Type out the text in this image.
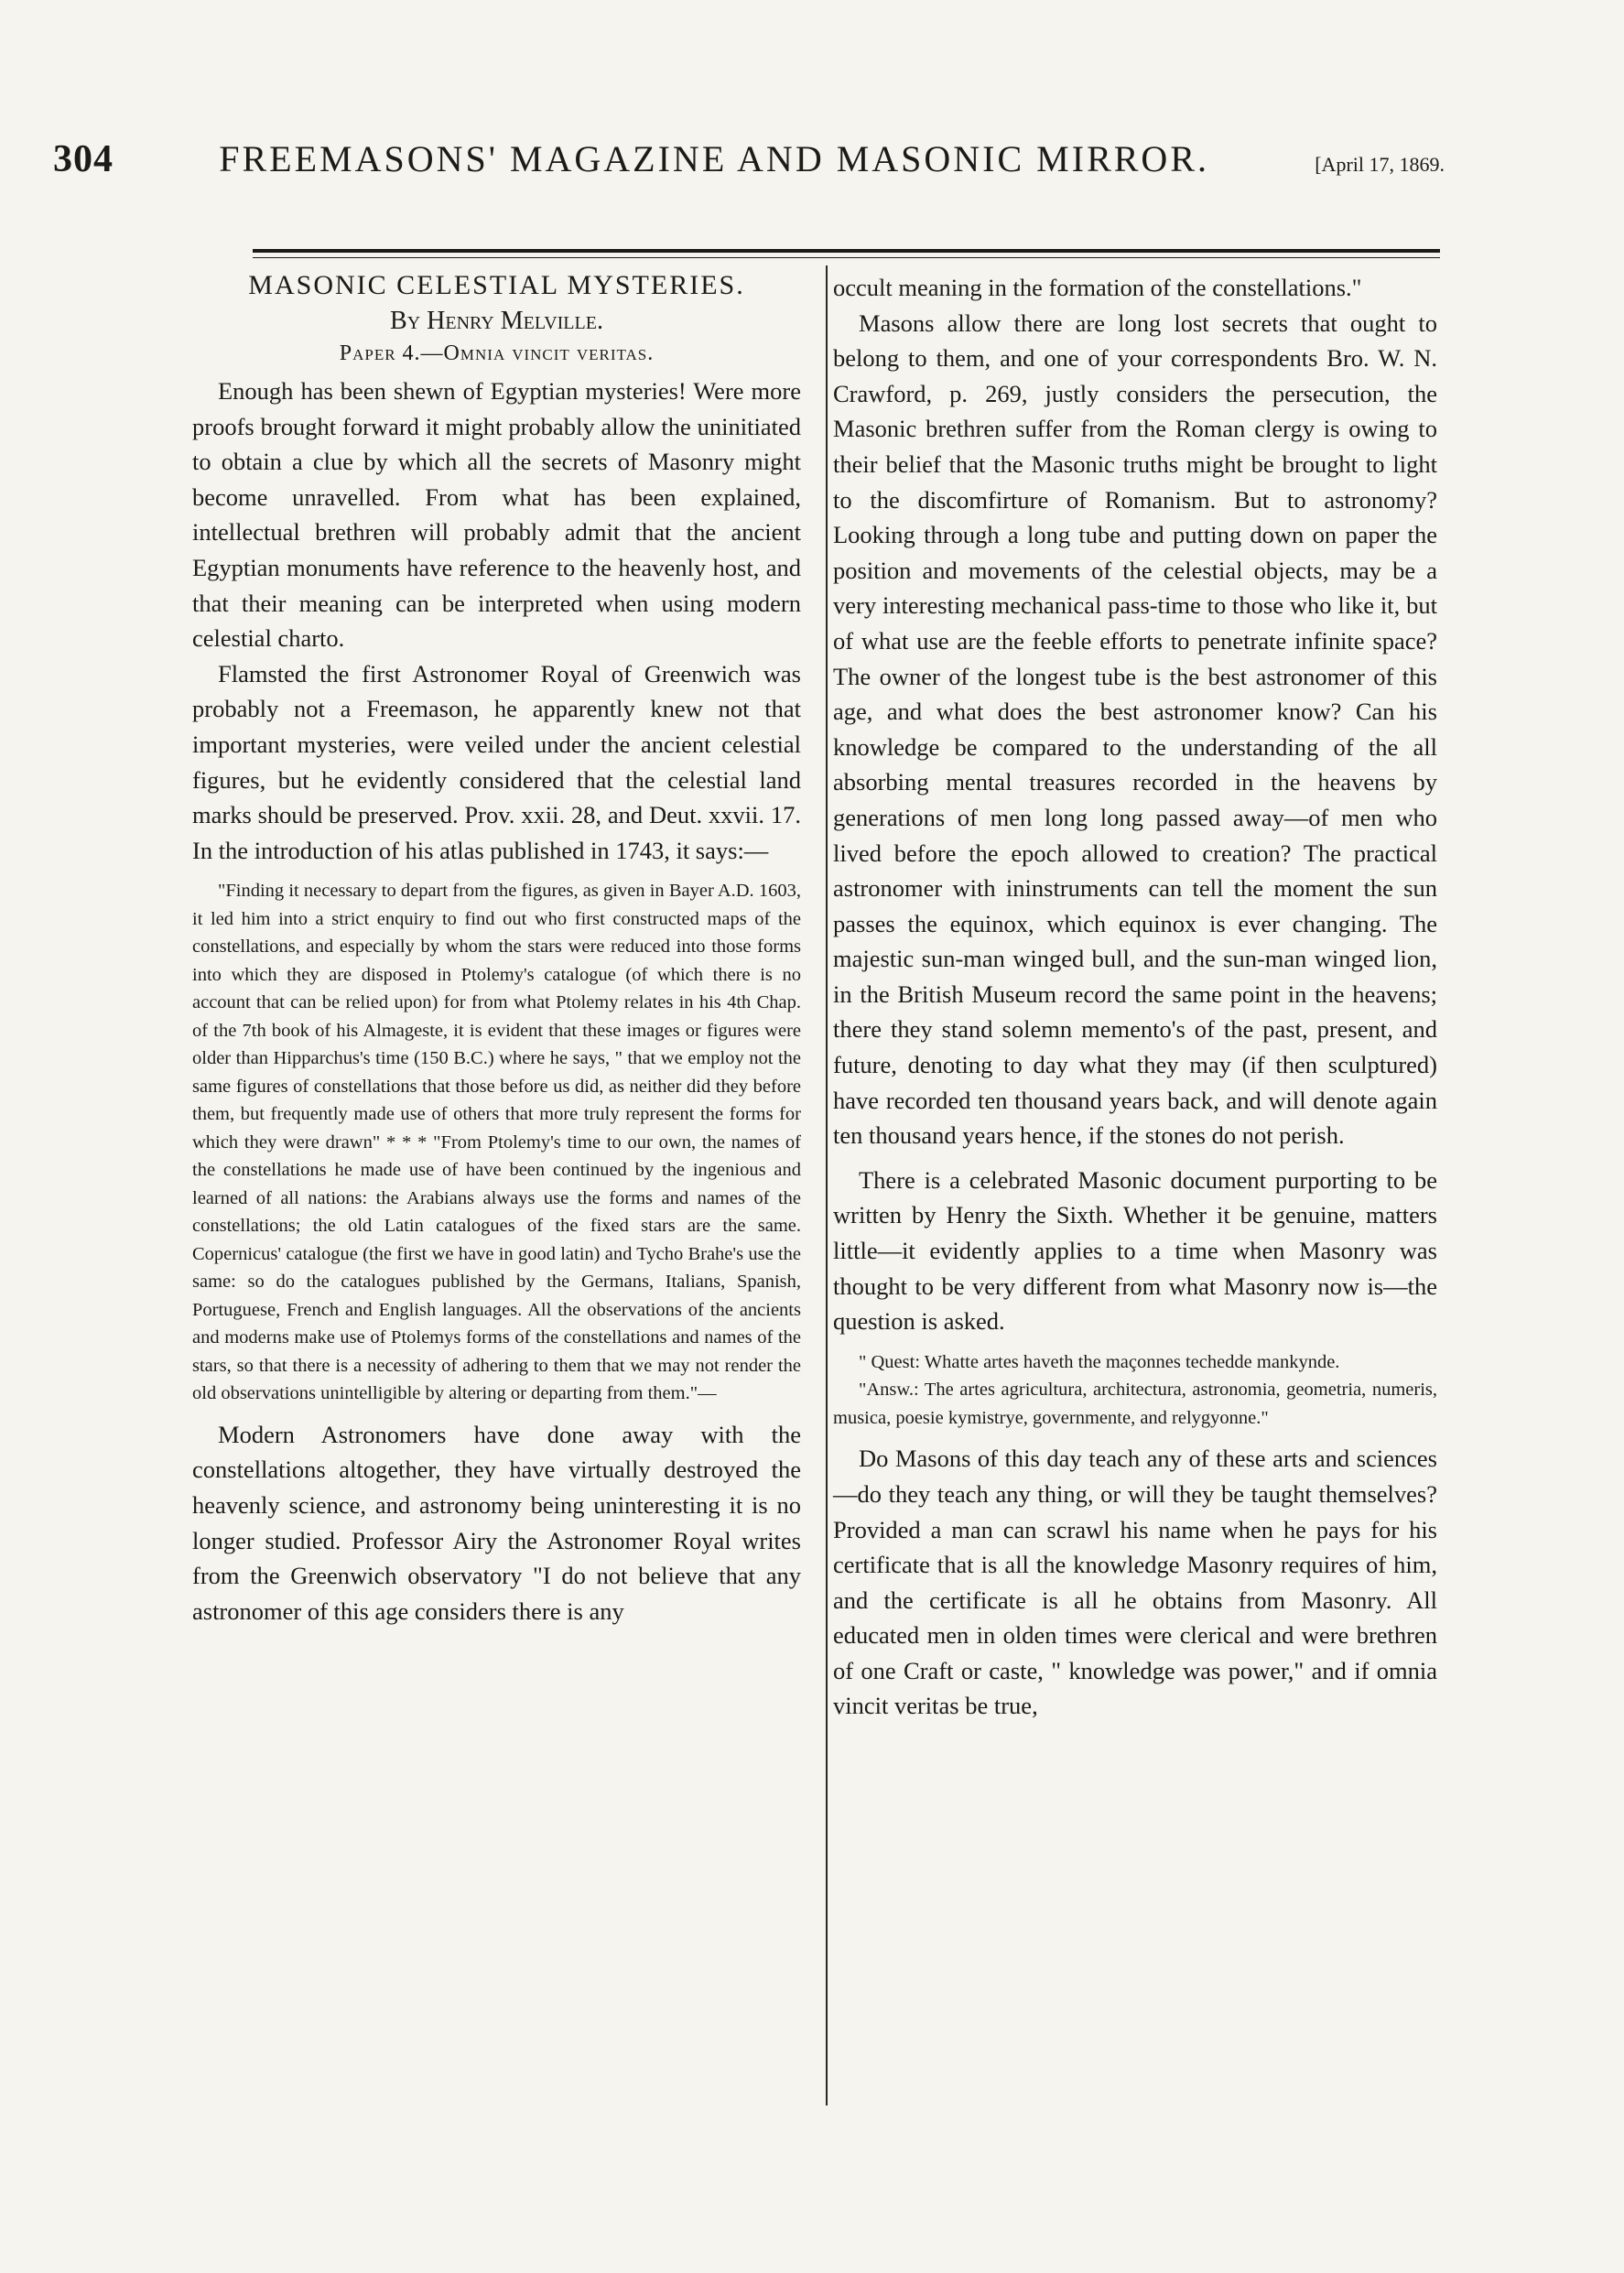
304	FREEMASONS' MAGAZINE AND MASONIC MIRROR.	[April 17, 1869.
MASONIC CELESTIAL MYSTERIES.
By Henry Melville.
Paper 4.—Omnia vincit veritas.

Enough has been shewn of Egyptian mysteries! Were more proofs brought forward it might probably allow the uninitiated to obtain a clue by which all the secrets of Masonry might become unravelled. From what has been explained, intellectual brethren will probably admit that the ancient Egyptian monuments have reference to the heavenly host, and that their meaning can be interpreted when using modern celestial charto.

Flamsted the first Astronomer Royal of Greenwich was probably not a Freemason, he apparently knew not that important mysteries, were veiled under the ancient celestial figures, but he evidently considered that the celestial land marks should be preserved. Prov. xxii. 28, and Deut. xxvii. 17. In the introduction of his atlas published in 1743, it says:—

"Finding it necessary to depart from the figures, as given in Bayer A.D. 1603, it led him into a strict enquiry to find out who first constructed maps of the constellations, and especially by whom the stars were reduced into those forms into which they are disposed in Ptolemy's catalogue (of which there is no account that can be relied upon) for from what Ptolemy relates in his 4th Chap. of the 7th book of his Almageste, it is evident that these images or figures were older than Hipparchus's time (150 B.C.) where he says, " that we employ not the same figures of constellations that those before us did, as neither did they before them, but frequently made use of others that more truly represent the forms for which they were drawn" * * * "From Ptolemy's time to our own, the names of the constellations he made use of have been continued by the ingenious and learned of all nations: the Arabians always use the forms and names of the constellations; the old Latin catalogues of the fixed stars are the same. Copernicus' catalogue (the first we have in good latin) and Tycho Brahe's use the same: so do the catalogues published by the Germans, Italians, Spanish, Portuguese, French and English languages. All the observations of the ancients and moderns make use of Ptolemys forms of the constellations and names of the stars, so that there is a necessity of adhering to them that we may not render the old observations unintelligible by altering or departing from them."—

Modern Astronomers have done away with the constellations altogether, they have virtually destroyed the heavenly science, and astronomy being uninteresting it is no longer studied. Professor Airy the Astronomer Royal writes from the Greenwich observatory "I do not believe that any astronomer of this age considers there is any

occult meaning in the formation of the constellations."

Masons allow there are long lost secrets that ought to belong to them, and one of your correspondents Bro. W. N. Crawford, p. 269, justly considers the persecution, the Masonic brethren suffer from the Roman clergy is owing to their belief that the Masonic truths might be brought to light to the discomfirture of Romanism. But to astronomy? Looking through a long tube and putting down on paper the position and movements of the celestial objects, may be a very interesting mechanical pass-time to those who like it, but of what use are the feeble efforts to penetrate infinite space? The owner of the longest tube is the best astronomer of this age, and what does the best astronomer know? Can his knowledge be compared to the understanding of the all absorbing mental treasures recorded in the heavens by generations of men long long passed away—of men who lived before the epoch allowed to creation? The practical astronomer with ininstruments can tell the moment the sun passes the equinox, which equinox is ever changing. The majestic sun-man winged bull, and the sun-man winged lion, in the British Museum record the same point in the heavens; there they stand solemn memento's of the past, present, and future, denoting to day what they may (if then sculptured) have recorded ten thousand years back, and will denote again ten thousand years hence, if the stones do not perish.

There is a celebrated Masonic document purporting to be written by Henry the Sixth. Whether it be genuine, matters little—it evidently applies to a time when Masonry was thought to be very different from what Masonry now is—the question is asked.

" Quest: Whatte artes haveth the maçonnes techedde mankynde.

"Answ.: The artes agricultura, architectura, astronomia, geometria, numeris, musica, poesie kymistrye, governmente, and relygyonne."

Do Masons of this day teach any of these arts and sciences—do they teach any thing, or will they be taught themselves? Provided a man can scrawl his name when he pays for his certificate that is all the knowledge Masonry requires of him, and the certificate is all he obtains from Masonry. All educated men in olden times were clerical and were brethren of one Craft or caste, " knowledge was power," and if omnia vincit veritas be true,
